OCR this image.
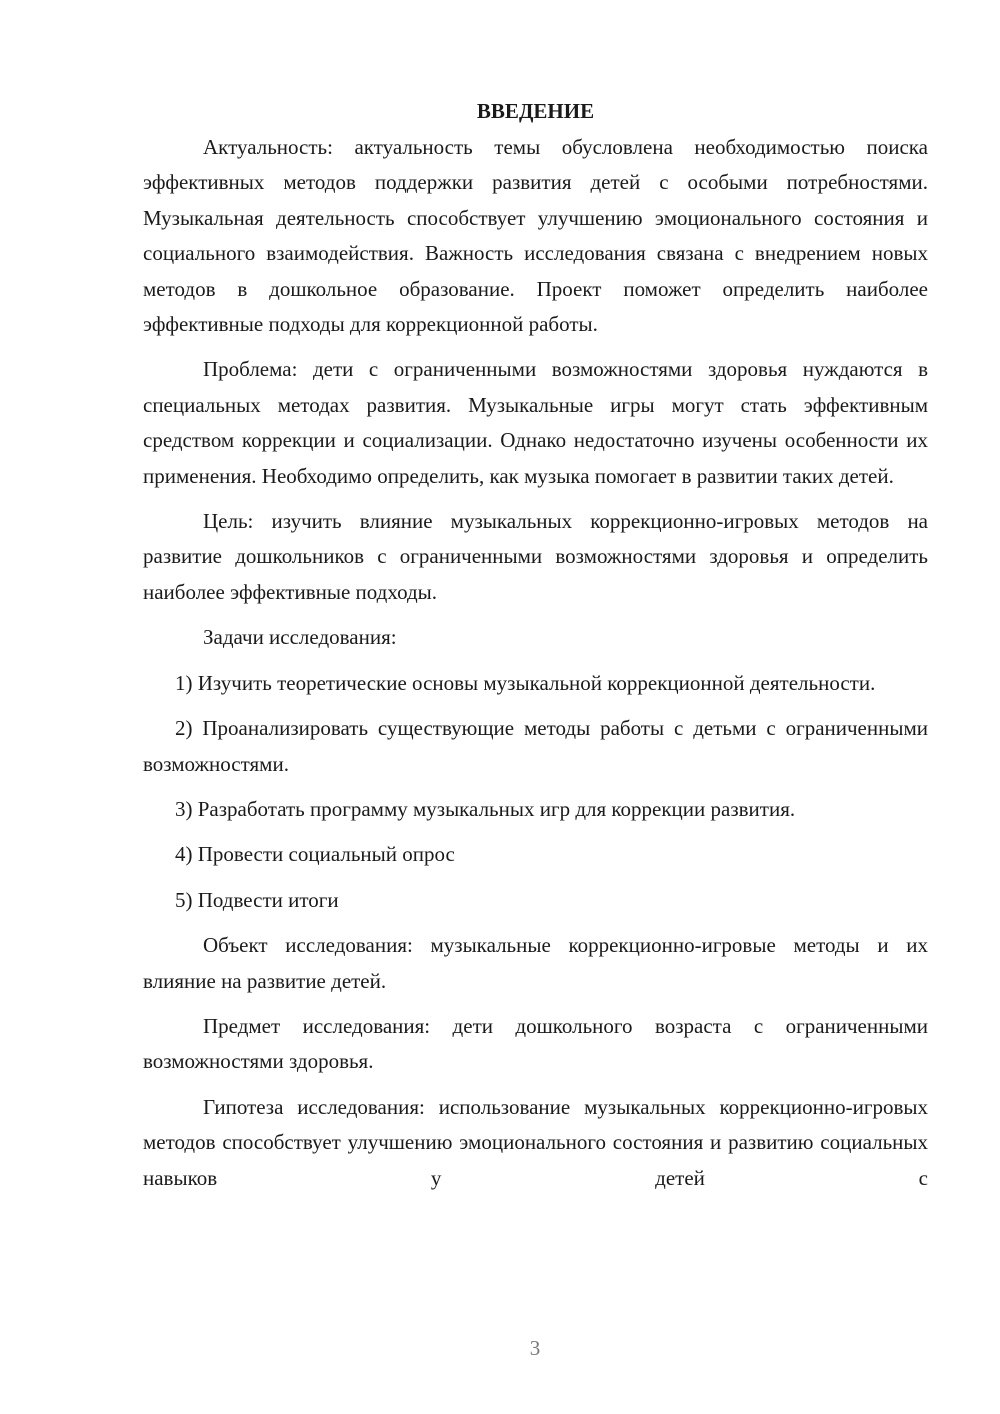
ВВЕДЕНИЕ

Актуальность: актуальность темы обусловлена необходимостью поиска эффективных методов поддержки развития детей с особыми потребностями. Музыкальная деятельность способствует улучшению эмоционального состояния и социального взаимодействия. Важность исследования связана с внедрением новых методов в дошкольное образование. Проект поможет определить наиболее эффективные подходы для коррекционной работы.

Проблема: дети с ограниченными возможностями здоровья нуждаются в специальных методах развития. Музыкальные игры могут стать эффективным средством коррекции и социализации. Однако недостаточно изучены особенности их применения. Необходимо определить, как музыка помогает в развитии таких детей.

Цель: изучить влияние музыкальных коррекционно-игровых методов на развитие дошкольников с ограниченными возможностями здоровья и определить наиболее эффективные подходы.

Задачи исследования:

1) Изучить теоретические основы музыкальной коррекционной деятельности.

2) Проанализировать существующие методы работы с детьми с ограниченными возможностями.

3) Разработать программу музыкальных игр для коррекции развития.

4) Провести социальный опрос

5) Подвести итоги

Объект исследования: музыкальные коррекционно-игровые методы и их влияние на развитие детей.

Предмет исследования: дети дошкольного возраста с ограниченными возможностями здоровья.

Гипотеза исследования: использование музыкальных коррекционно-игровых методов способствует улучшению эмоционального состояния и развитию социальных навыков у детей с

3
